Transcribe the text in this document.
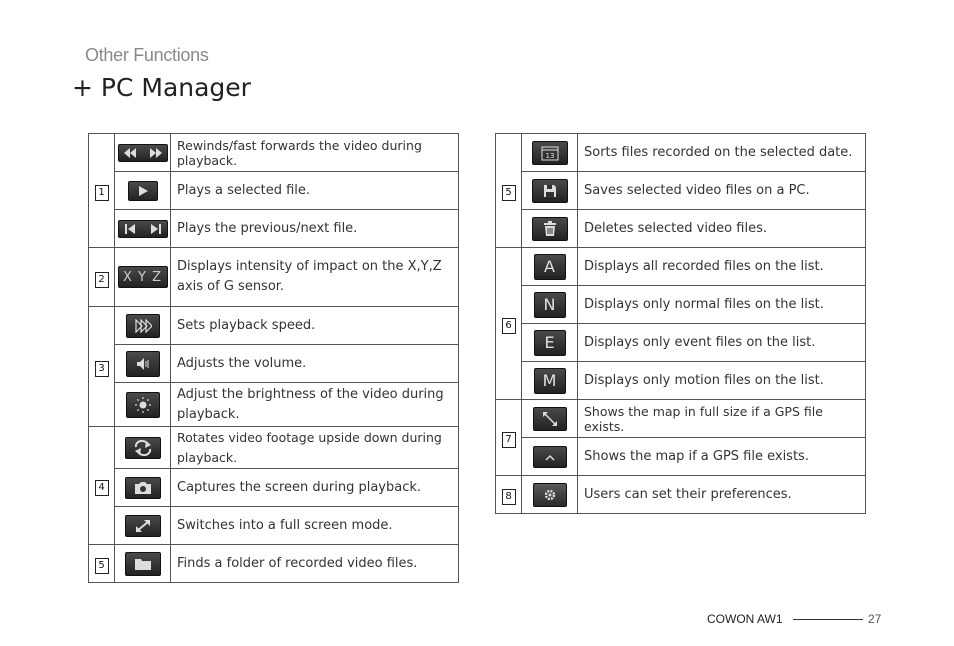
Other Functions
+ PC Manager
1		Rewinds/fast forwards the video during playback.

	Plays a selected file.

	Plays the previous/next file.
2	X Y Z	Displays intensity of impact on the X,Y,Z axis of G sensor.
3		Sets playback speed.

	Adjusts the volume.

	Adjust the brightness of the video during playback.
4		Rotates video footage upside down during playback.

	Captures the screen during playback.

	Switches into a full screen mode.
5		Finds a folder of recorded video files.
5	13	Sorts files recorded on the selected date.

	Saves selected video files on a PC.

	Deletes selected video files.
6	A	Displays all recorded files on the list.
	N	Displays only normal files on the list.
	E	Displays only event files on the list.
	M	Displays only motion files on the list.
7		Shows the map in full size if a GPS file exists.

	Shows the map if a GPS file exists.
8		Users can set their preferences.
COWON AW1	27
